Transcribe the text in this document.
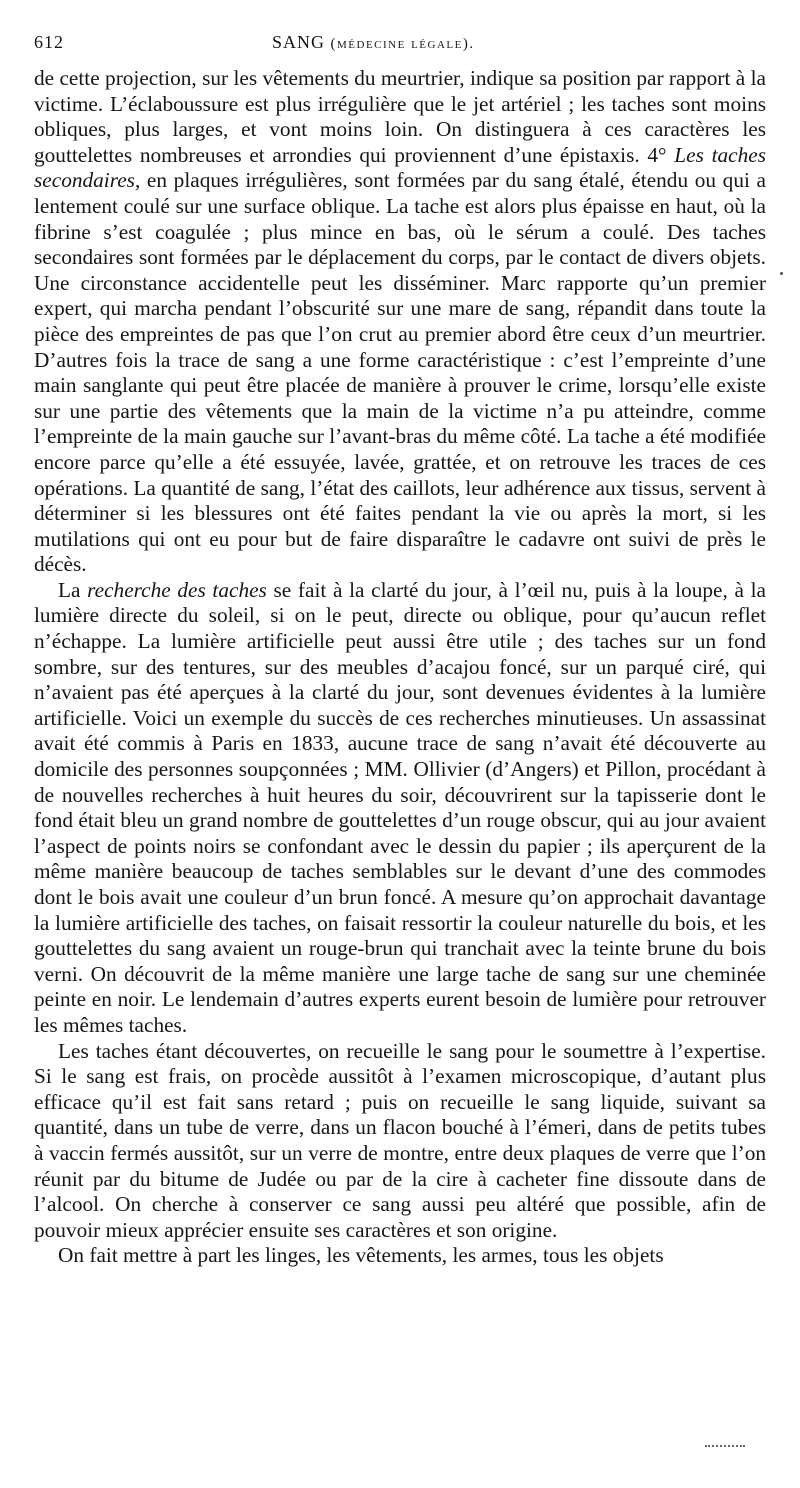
612	SANG (médecine légale).

de cette projection, sur les vêtements du meurtrier, indique sa position par rapport à la victime. L’éclaboussure est plus irrégulière que le jet artériel ; les taches sont moins obliques, plus larges, et vont moins loin. On distinguera à ces caractères les gouttelettes nombreuses et arrondies qui proviennent d’une épistaxis. 4° Les taches secondaires, en plaques irrégulières, sont formées par du sang étalé, étendu ou qui a lentement coulé sur une surface oblique. La tache est alors plus épaisse en haut, où la fibrine s’est coagulée ; plus mince en bas, où le sérum a coulé. Des taches secondaires sont formées par le déplacement du corps, par le contact de divers objets. Une circonstance accidentelle peut les disséminer. Marc rapporte qu’un premier expert, qui marcha pendant l’obscurité sur une mare de sang, répandit dans toute la pièce des empreintes de pas que l’on crut au premier abord être ceux d’un meurtrier. D’autres fois la trace de sang a une forme caractéristique : c’est l’empreinte d’une main sanglante qui peut être placée de manière à prouver le crime, lorsqu’elle existe sur une partie des vêtements que la main de la victime n’a pu atteindre, comme l’empreinte de la main gauche sur l’avant-bras du même côté. La tache a été modifiée encore parce qu’elle a été essuyée, lavée, grattée, et on retrouve les traces de ces opérations. La quantité de sang, l’état des caillots, leur adhérence aux tissus, servent à déterminer si les blessures ont été faites pendant la vie ou après la mort, si les mutilations qui ont eu pour but de faire disparaître le cadavre ont suivi de près le décès.

La recherche des taches se fait à la clarté du jour, à l’œil nu, puis à la loupe, à la lumière directe du soleil, si on le peut, directe ou oblique, pour qu’aucun reflet n’échappe. La lumière artificielle peut aussi être utile ; des taches sur un fond sombre, sur des tentures, sur des meubles d’acajou foncé, sur un parqué ciré, qui n’avaient pas été aperçues à la clarté du jour, sont devenues évidentes à la lumière artificielle. Voici un exemple du succès de ces recherches minutieuses. Un assassinat avait été commis à Paris en 1833, aucune trace de sang n’avait été découverte au domicile des personnes soupçonnées ; MM. Ollivier (d’Angers) et Pillon, procédant à de nouvelles recherches à huit heures du soir, découvrirent sur la tapisserie dont le fond était bleu un grand nombre de gouttelettes d’un rouge obscur, qui au jour avaient l’aspect de points noirs se confondant avec le dessin du papier ; ils aperçurent de la même manière beaucoup de taches semblables sur le devant d’une des commodes dont le bois avait une couleur d’un brun foncé. A mesure qu’on approchait davantage la lumière artificielle des taches, on faisait ressortir la couleur naturelle du bois, et les gouttelettes du sang avaient un rouge-brun qui tranchait avec la teinte brune du bois verni. On découvrit de la même manière une large tache de sang sur une cheminée peinte en noir. Le lendemain d’autres experts eurent besoin de lumière pour retrouver les mêmes taches.

Les taches étant découvertes, on recueille le sang pour le soumettre à l’expertise. Si le sang est frais, on procède aussitôt à l’examen microscopique, d’autant plus efficace qu’il est fait sans retard ; puis on recueille le sang liquide, suivant sa quantité, dans un tube de verre, dans un flacon bouché à l’émeri, dans de petits tubes à vaccin fermés aussitôt, sur un verre de montre, entre deux plaques de verre que l’on réunit par du bitume de Judée ou par de la cire à cacheter fine dissoute dans de l’alcool. On cherche à conserver ce sang aussi peu altéré que possible, afin de pouvoir mieux apprécier ensuite ses caractères et son origine.

On fait mettre à part les linges, les vêtements, les armes, tous les objets
